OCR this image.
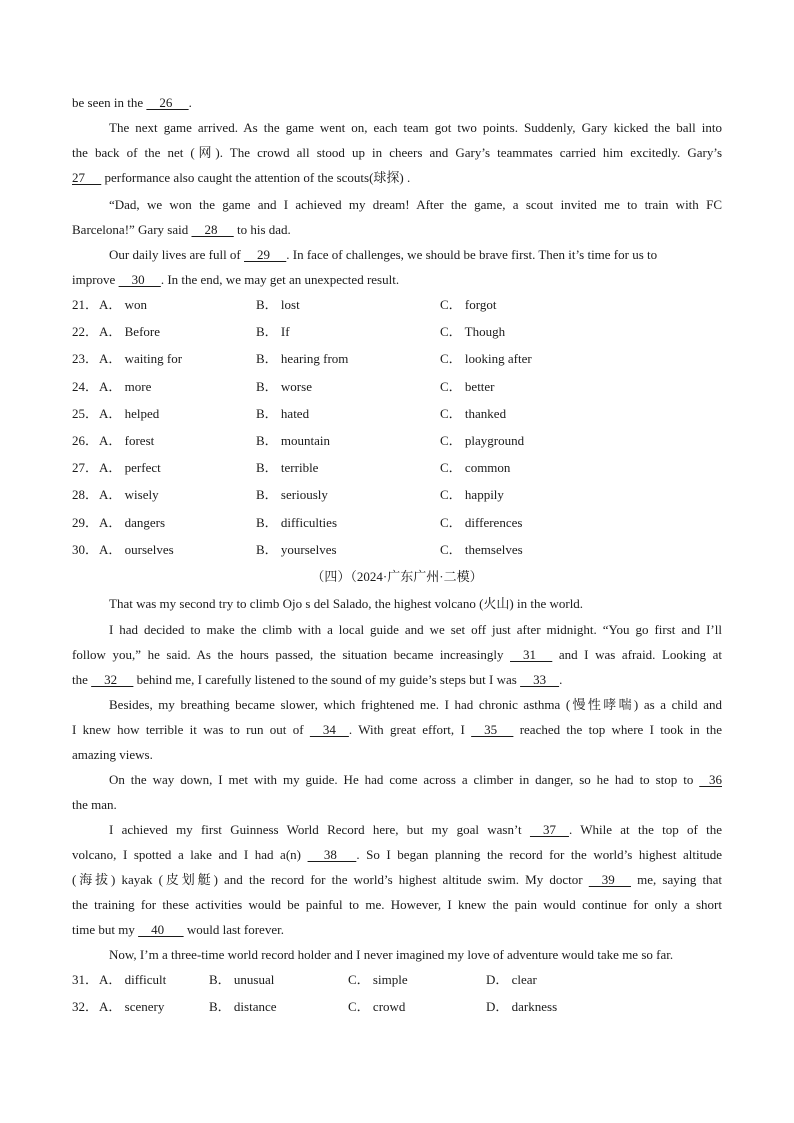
be seen in the     26     .
The next game arrived. As the game went on, each team got two points. Suddenly, Gary kicked the ball into
the back of the net (网). The crowd all stood up in cheers and Gary’s teammates carried him excitedly. Gary’s
27      performance also caught the attention of the scouts(球探) .
“Dad, we won the game and I achieved my dream! After the game, a scout invited me to train with FC
Barcelona!” Gary said     28      to his dad.
Our daily lives are full of     29     . In face of challenges, we should be brave first. Then it’s time for us to
improve     30     . In the end, we may get an unexpected result.
21． A． won	B． lost	C． forgot
22． A． Before	B． If	C． Though
23． A． waiting for	B． hearing from	C． looking after
24． A． more	B． worse	C． better
25． A． helped	B． hated	C． thanked
26． A． forest	B． mountain	C． playground
27． A． perfect	B． terrible	C． common
28． A． wisely	B． seriously	C． happily
29． A． dangers	B． difficulties	C． differences
30． A． ourselves	B． yourselves	C． themselves
（四）（2024·广东广州·二模）
That was my second try to climb Ojo s del Salado, the highest volcano (火山) in the world.
I had decided to make the climb with a local guide and we set off just after midnight. “You go first and I’ll
follow you,” he said. As the hours passed, the situation became increasingly     31      and I was afraid. Looking at
the     32      behind me, I carefully listened to the sound of my guide’s steps but I was     33    .
Besides, my breathing became slower, which frightened me. I had chronic asthma (慢性哮喘) as a child and
I knew how terrible it was to run out of     34    . With great effort, I     35      reached the top where I took in the
amazing views.
On the way down, I met with my guide. He had come across a climber in danger, so he had to stop to    36
the man.
I achieved my first Guinness World Record here, but my goal wasn’t     37    . While at the top of the
volcano, I spotted a lake and I had a(n)      38      . So I began planning the record for the world’s highest altitude
(海拔) kayak (皮划艇) and the record for the world’s highest altitude swim. My doctor     39      me, saying that
the training for these activities would be painful to me. However, I knew the pain would continue for only a short
time but my     40       would last forever.
Now, I’m a three-time world record holder and I never imagined my love of adventure would take me so far.
31． A． difficult	B． unusual	C． simple	D． clear
32． A． scenery	B． distance	C． crowd	D． darkness
